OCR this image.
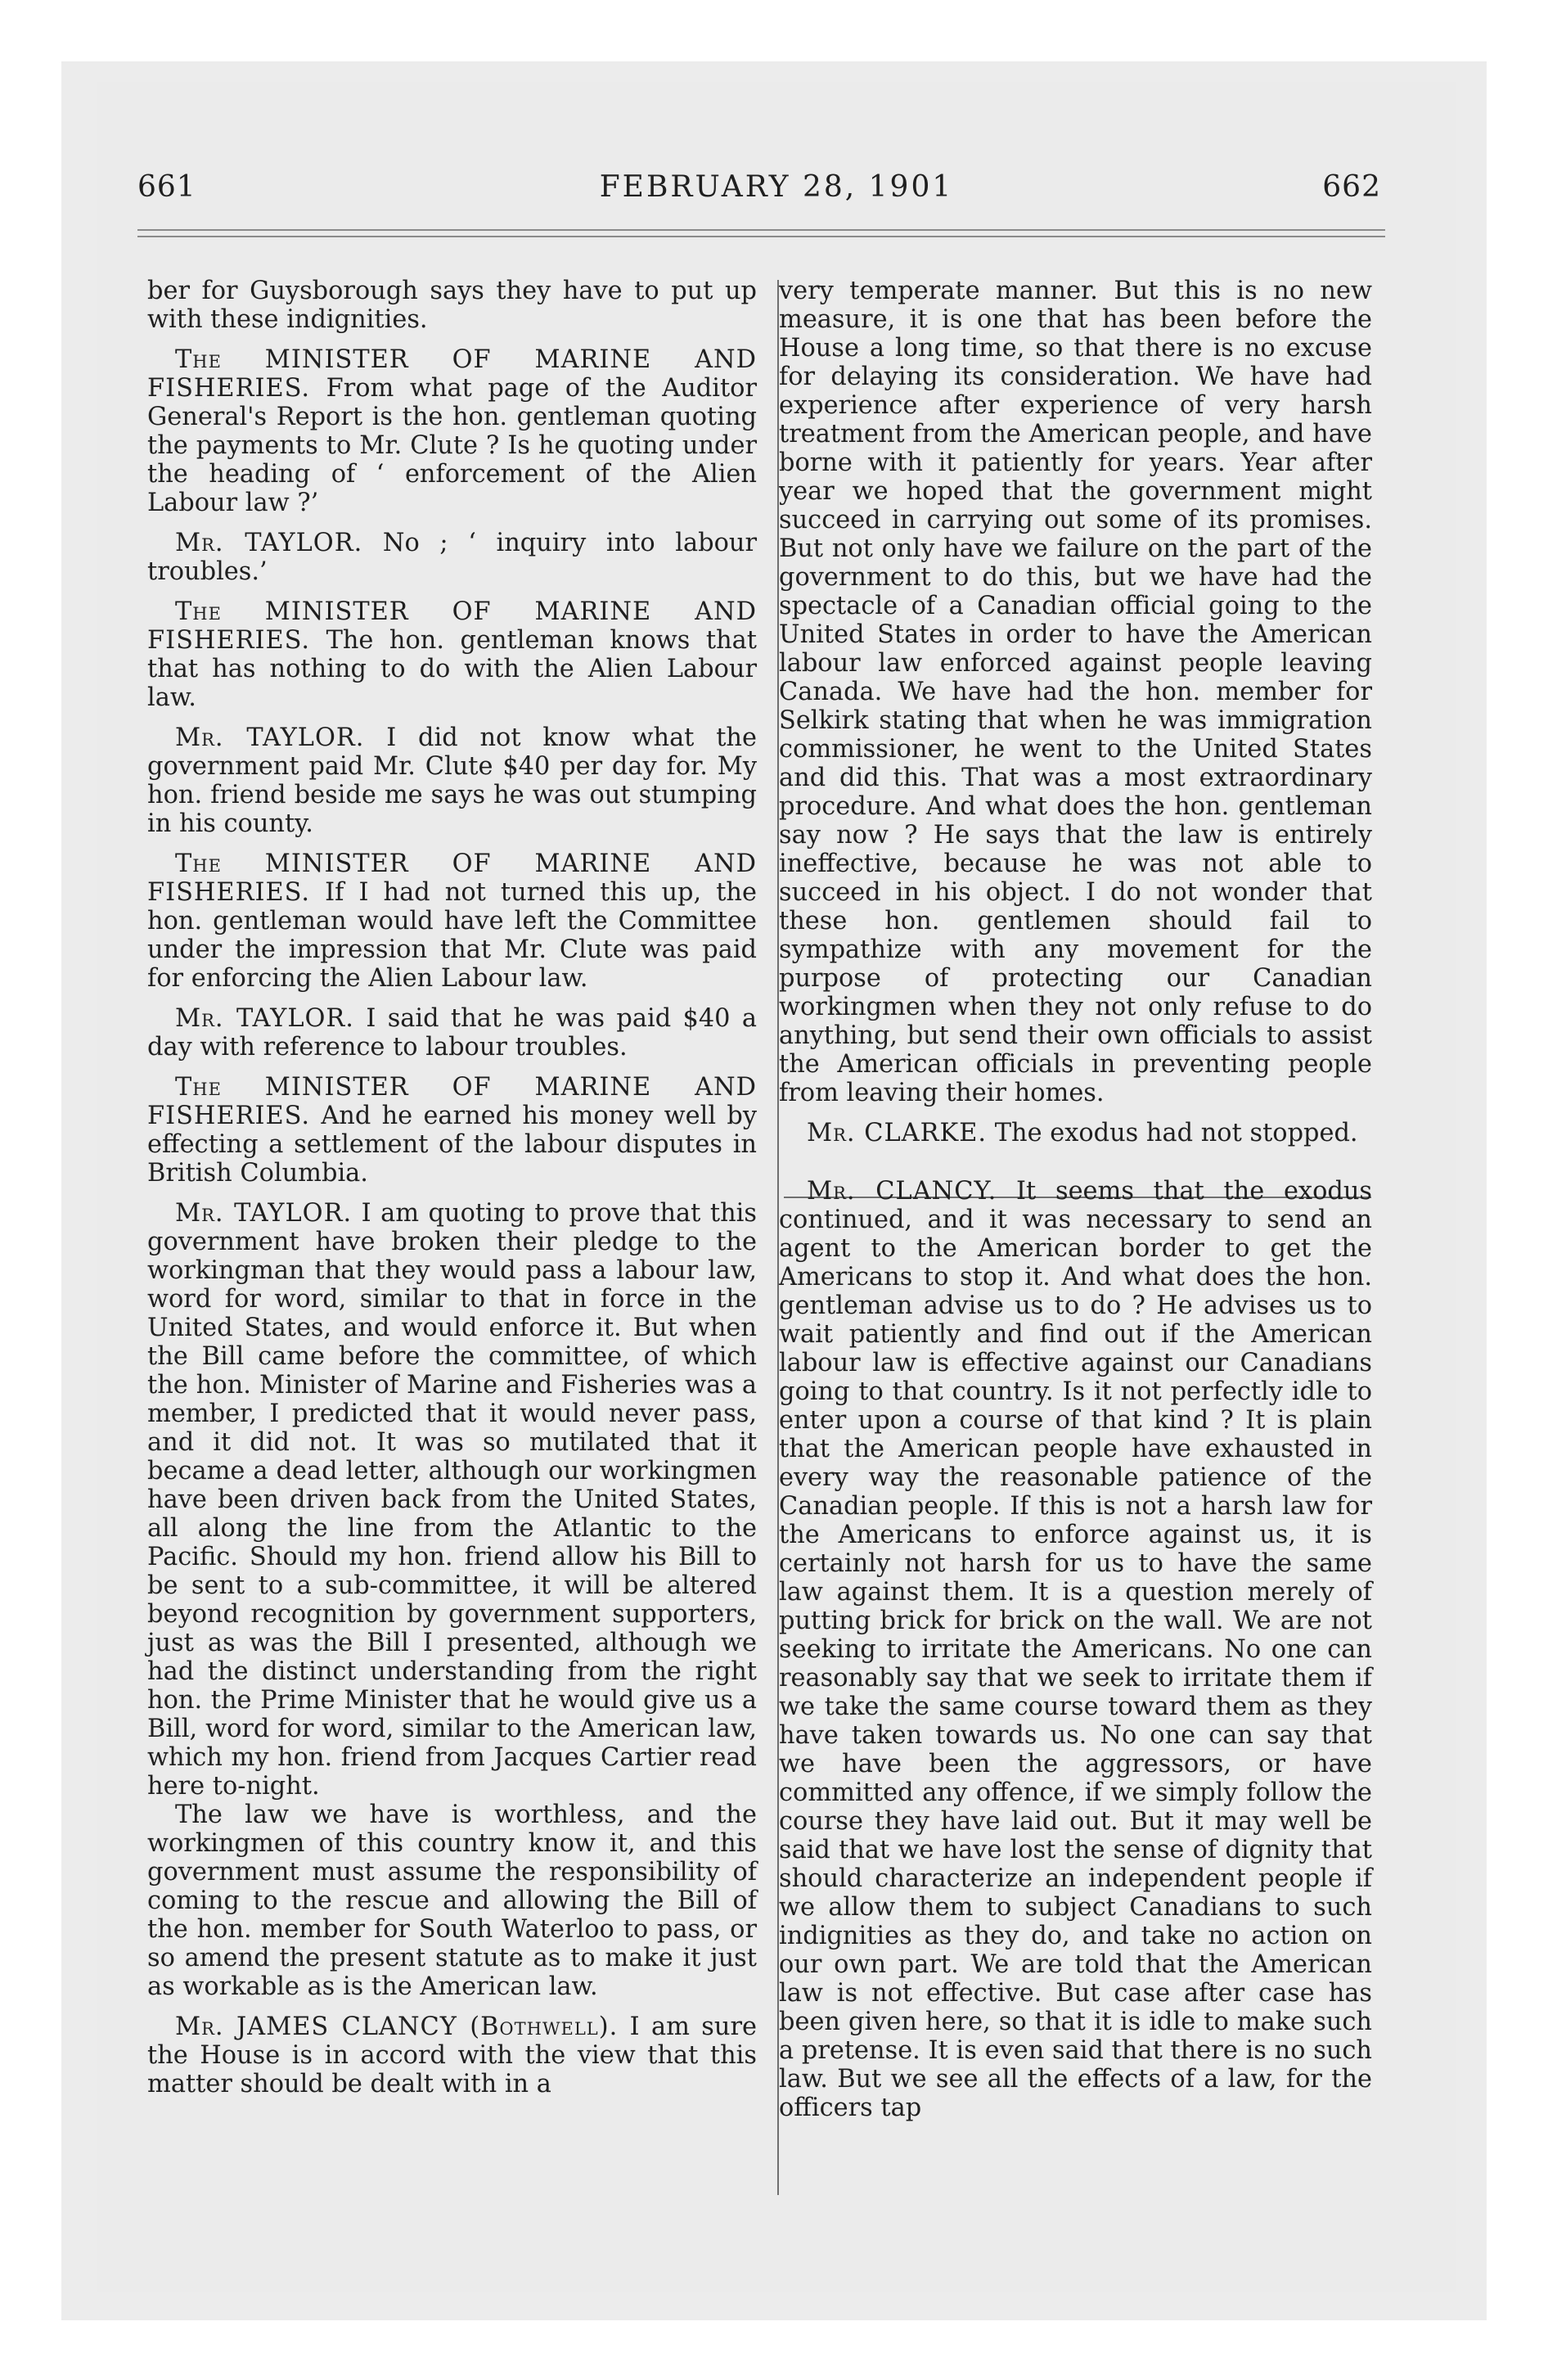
661	FEBRUARY 28, 1901	662

ber for Guysborough says they have to put up with these indignities.

The MINISTER OF MARINE AND FISHERIES. From what page of the Auditor General's Report is the hon. gentleman quoting the payments to Mr. Clute ? Is he quoting under the heading of ‘ enforcement of the Alien Labour law ?’

Mr. TAYLOR. No ; ‘ inquiry into labour troubles.’

The MINISTER OF MARINE AND FISHERIES. The hon. gentleman knows that that has nothing to do with the Alien Labour law.

Mr. TAYLOR. I did not know what the government paid Mr. Clute $40 per day for. My hon. friend beside me says he was out stumping in his county.

The MINISTER OF MARINE AND FISHERIES. If I had not turned this up, the hon. gentleman would have left the Committee under the impression that Mr. Clute was paid for enforcing the Alien Labour law.

Mr. TAYLOR. I said that he was paid $40 a day with reference to labour troubles.

The MINISTER OF MARINE AND FISHERIES. And he earned his money well by effecting a settlement of the labour disputes in British Columbia.

Mr. TAYLOR. I am quoting to prove that this government have broken their pledge to the workingman that they would pass a labour law, word for word, similar to that in force in the United States, and would enforce it. But when the Bill came before the committee, of which the hon. Minister of Marine and Fisheries was a member, I predicted that it would never pass, and it did not. It was so mutilated that it became a dead letter, although our workingmen have been driven back from the United States, all along the line from the Atlantic to the Pacific. Should my hon. friend allow his Bill to be sent to a sub-committee, it will be altered beyond recognition by government supporters, just as was the Bill I presented, although we had the distinct understanding from the right hon. the Prime Minister that he would give us a Bill, word for word, similar to the American law, which my hon. friend from Jacques Cartier read here to-night.

The law we have is worthless, and the workingmen of this country know it, and this government must assume the responsibility of coming to the rescue and allowing the Bill of the hon. member for South Waterloo to pass, or so amend the present statute as to make it just as workable as is the American law.

Mr. JAMES CLANCY (Bothwell). I am sure the House is in accord with the view that this matter should be dealt with in a

very temperate manner. But this is no new measure, it is one that has been before the House a long time, so that there is no excuse for delaying its consideration. We have had experience after experience of very harsh treatment from the American people, and have borne with it patiently for years. Year after year we hoped that the government might succeed in carrying out some of its promises. But not only have we failure on the part of the government to do this, but we have had the spectacle of a Canadian official going to the United States in order to have the American labour law enforced against people leaving Canada. We have had the hon. member for Selkirk stating that when he was immigration commissioner, he went to the United States and did this. That was a most extraordinary procedure. And what does the hon. gentleman say now ? He says that the law is entirely ineffective, because he was not able to succeed in his object. I do not wonder that these hon. gentlemen should fail to sympathize with any movement for the purpose of protecting our Canadian workingmen when they not only refuse to do anything, but send their own officials to assist the American officials in preventing people from leaving their homes.

Mr. CLARKE. The exodus had not stopped.

Mr. CLANCY. It seems that the exodus continued, and it was necessary to send an agent to the American border to get the Americans to stop it. And what does the hon. gentleman advise us to do ? He advises us to wait patiently and find out if the American labour law is effective against our Canadians going to that country. Is it not perfectly idle to enter upon a course of that kind ? It is plain that the American people have exhausted in every way the reasonable patience of the Canadian people. If this is not a harsh law for the Americans to enforce against us, it is certainly not harsh for us to have the same law against them. It is a question merely of putting brick for brick on the wall. We are not seeking to irritate the Americans. No one can reasonably say that we seek to irritate them if we take the same course toward them as they have taken towards us. No one can say that we have been the aggressors, or have committed any offence, if we simply follow the course they have laid out. But it may well be said that we have lost the sense of dignity that should characterize an independent people if we allow them to subject Canadians to such indignities as they do, and take no action on our own part. We are told that the American law is not effective. But case after case has been given here, so that it is idle to make such a pretense. It is even said that there is no such law. But we see all the effects of a law, for the officers tap
